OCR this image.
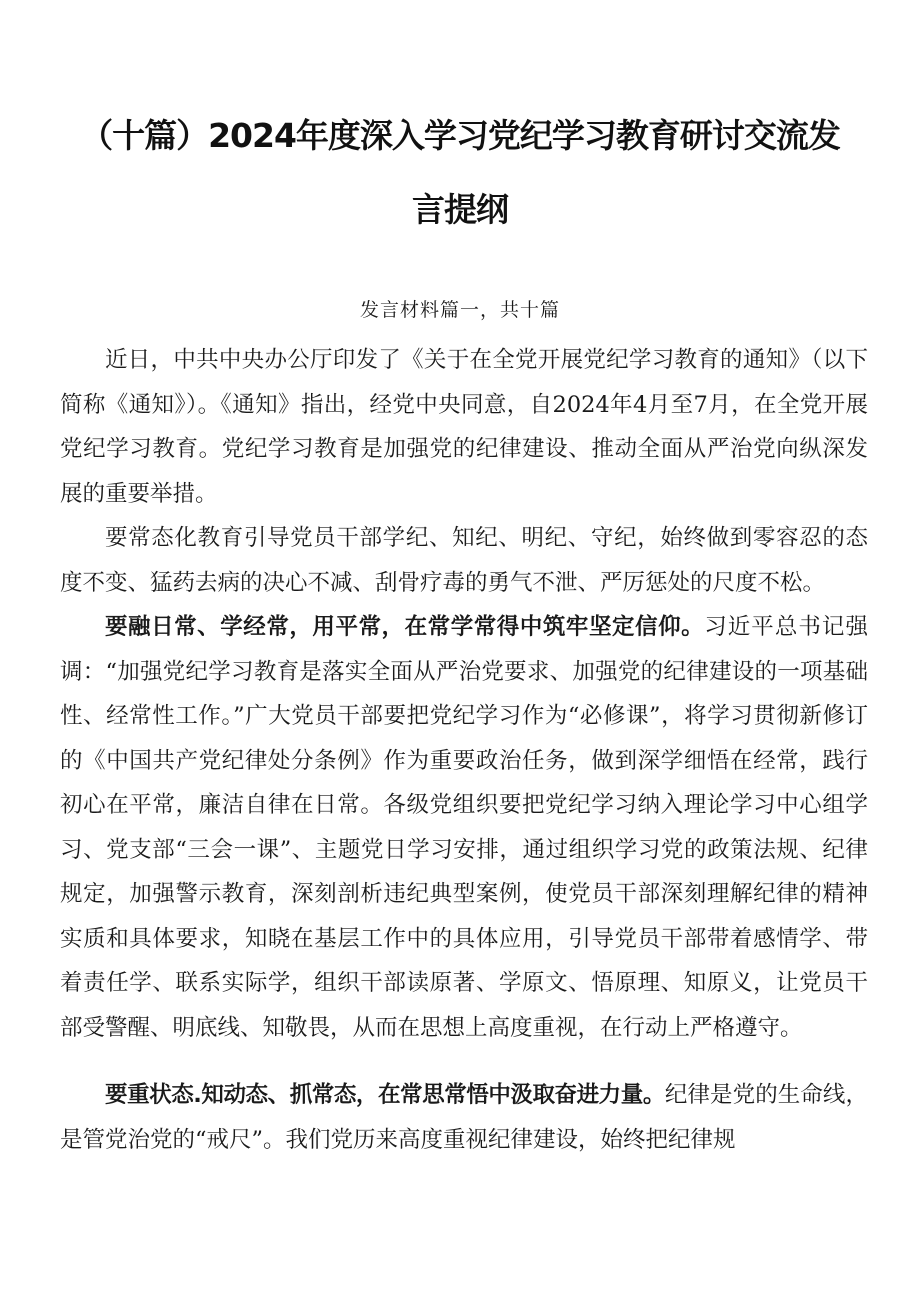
（十篇）2024年度深入学习党纪学习教育研讨交流发
言提纲

发言材料篇一，共十篇

近日，中共中央办公厅印发了《关于在全党开展党纪学习教育的通知》（以下简称《通知》）。《通知》指出，经党中央同意，自2024年4月至7月，在全党开展党纪学习教育。党纪学习教育是加强党的纪律建设、推动全面从严治党向纵深发展的重要举措。

要常态化教育引导党员干部学纪、知纪、明纪、守纪，始终做到零容忍的态度不变、猛药去病的决心不减、刮骨疗毒的勇气不泄、严厉惩处的尺度不松。

要融日常、学经常，用平常，在常学常得中筑牢坚定信仰。习近平总书记强调：“加强党纪学习教育是落实全面从严治党要求、加强党的纪律建设的一项基础性、经常性工作。”广大党员干部要把党纪学习作为“必修课”，将学习贯彻新修订的《中国共产党纪律处分条例》作为重要政治任务，做到深学细悟在经常，践行初心在平常，廉洁自律在日常。各级党组织要把党纪学习纳入理论学习中心组学习、党支部“三会一课”、主题党日学习安排，通过组织学习党的政策法规、纪律规定，加强警示教育，深刻剖析违纪典型案例，使党员干部深刻理解纪律的精神实质和具体要求，知晓在基层工作中的具体应用，引导党员干部带着感情学、带着责任学、联系实际学，组织干部读原著、学原文、悟原理、知原义，让党员干部受警醒、明底线、知敬畏，从而在思想上高度重视，在行动上严格遵守。

要重状态.知动态、抓常态，在常思常悟中汲取奋进力量。纪律是党的生命线，是管党治党的“戒尺”。我们党历来高度重视纪律建设，始终把纪律规
